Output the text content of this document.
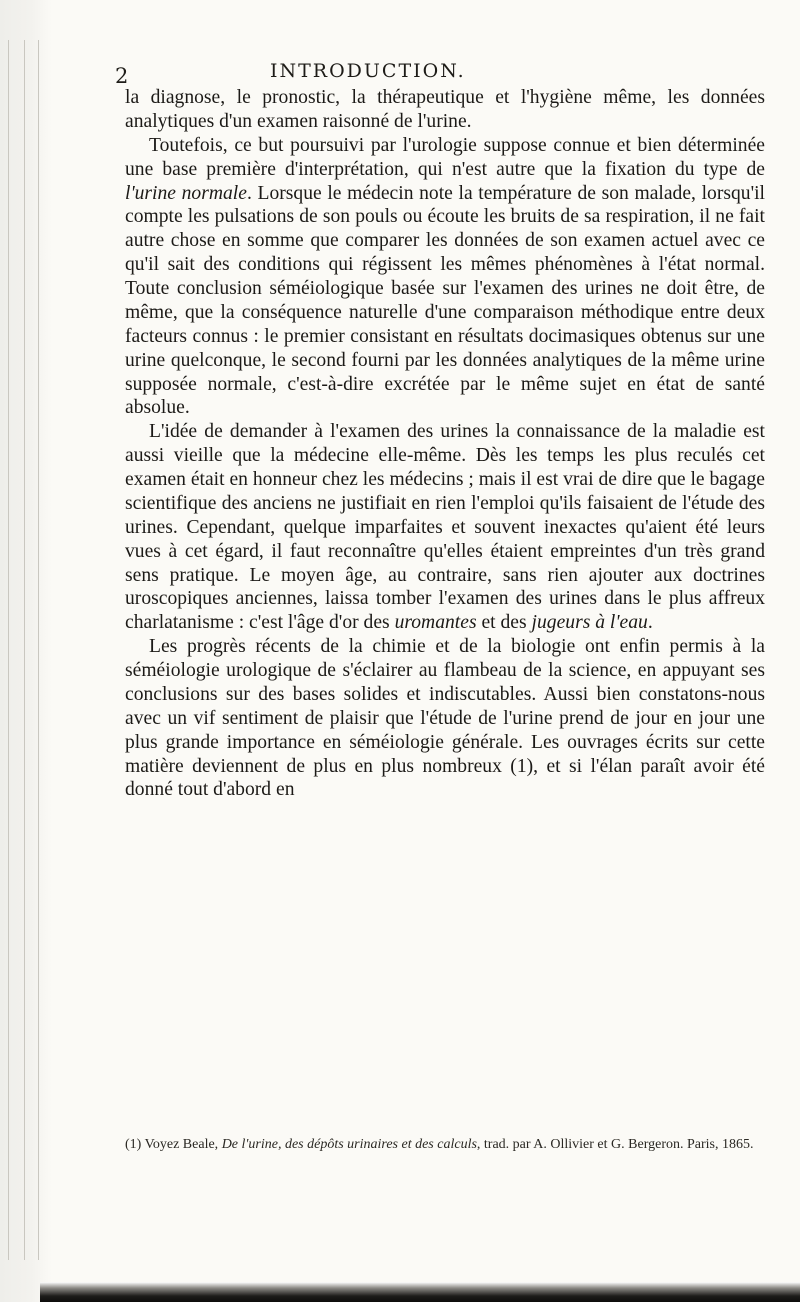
2	INTRODUCTION.

la diagnose, le pronostic, la thérapeutique et l'hygiène même, les données analytiques d'un examen raisonné de l'urine.

Toutefois, ce but poursuivi par l'urologie suppose connue et bien déterminée une base première d'interprétation, qui n'est autre que la fixation du type de l'urine normale. Lorsque le médecin note la température de son malade, lorsqu'il compte les pulsations de son pouls ou écoute les bruits de sa respiration, il ne fait autre chose en somme que comparer les données de son examen actuel avec ce qu'il sait des conditions qui régissent les mêmes phénomènes à l'état normal. Toute conclusion séméiologique basée sur l'examen des urines ne doit être, de même, que la conséquence naturelle d'une comparaison méthodique entre deux facteurs connus : le premier consistant en résultats docimasiques obtenus sur une urine quelconque, le second fourni par les données analytiques de la même urine supposée normale, c'est-à-dire excrétée par le même sujet en état de santé absolue.

L'idée de demander à l'examen des urines la connaissance de la maladie est aussi vieille que la médecine elle-même. Dès les temps les plus reculés cet examen était en honneur chez les médecins ; mais il est vrai de dire que le bagage scientifique des anciens ne justifiait en rien l'emploi qu'ils faisaient de l'étude des urines. Cependant, quelque imparfaites et souvent inexactes qu'aient été leurs vues à cet égard, il faut reconnaître qu'elles étaient empreintes d'un très grand sens pratique. Le moyen âge, au contraire, sans rien ajouter aux doctrines uroscopiques anciennes, laissa tomber l'examen des urines dans le plus affreux charlatanisme : c'est l'âge d'or des uromantes et des jugeurs à l'eau.

Les progrès récents de la chimie et de la biologie ont enfin permis à la séméiologie urologique de s'éclairer au flambeau de la science, en appuyant ses conclusions sur des bases solides et indiscutables. Aussi bien constatons-nous avec un vif sentiment de plaisir que l'étude de l'urine prend de jour en jour une plus grande importance en séméiologie générale. Les ouvrages écrits sur cette matière deviennent de plus en plus nombreux (1), et si l'élan paraît avoir été donné tout d'abord en

(1) Voyez Beale, De l'urine, des dépôts urinaires et des calculs, trad. par A. Ollivier et G. Bergeron. Paris, 1865.
